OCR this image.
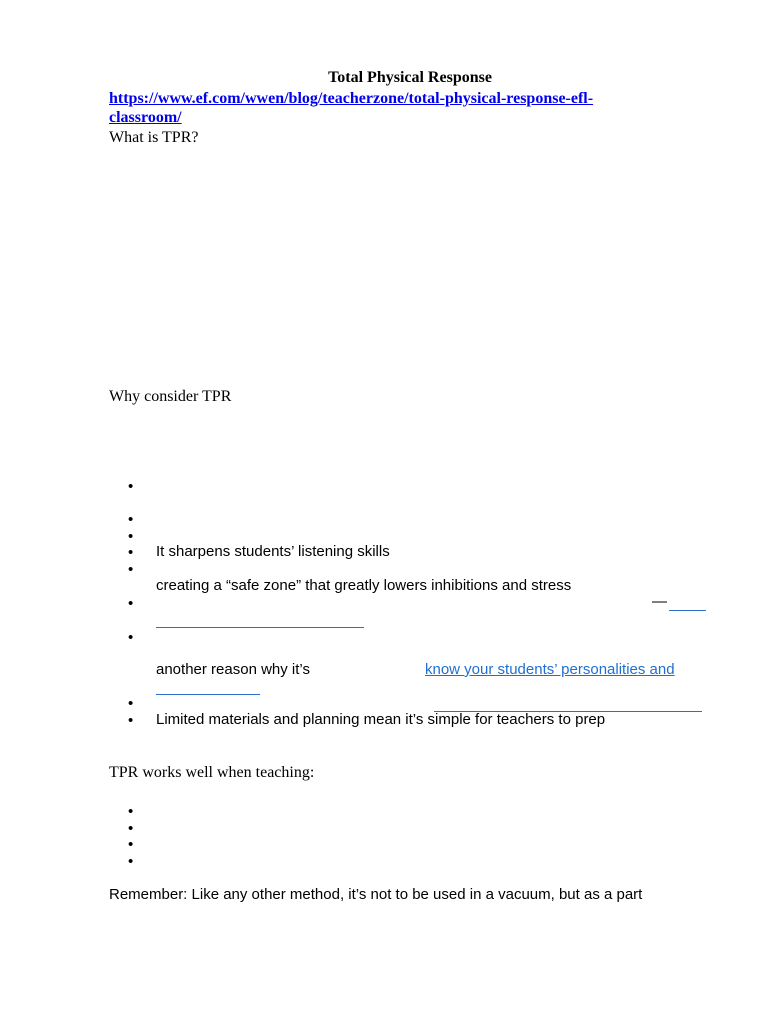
Total Physical Response
https://www.ef.com/wwen/blog/teacherzone/total-physical-response-efl-
classroom/
What is TPR?
Why consider TPR
•
•
•
•	It sharpens students’ listening skills
•
creating a “safe zone” that greatly lowers inhibitions and stress
•	—
•
another reason why it’s	know your students’ personalities and
•
•	Limited materials and planning mean it’s simple for teachers to prep
TPR works well when teaching:
•
•
•
•
Remember: Like any other method, it’s not to be used in a vacuum, but as a part
